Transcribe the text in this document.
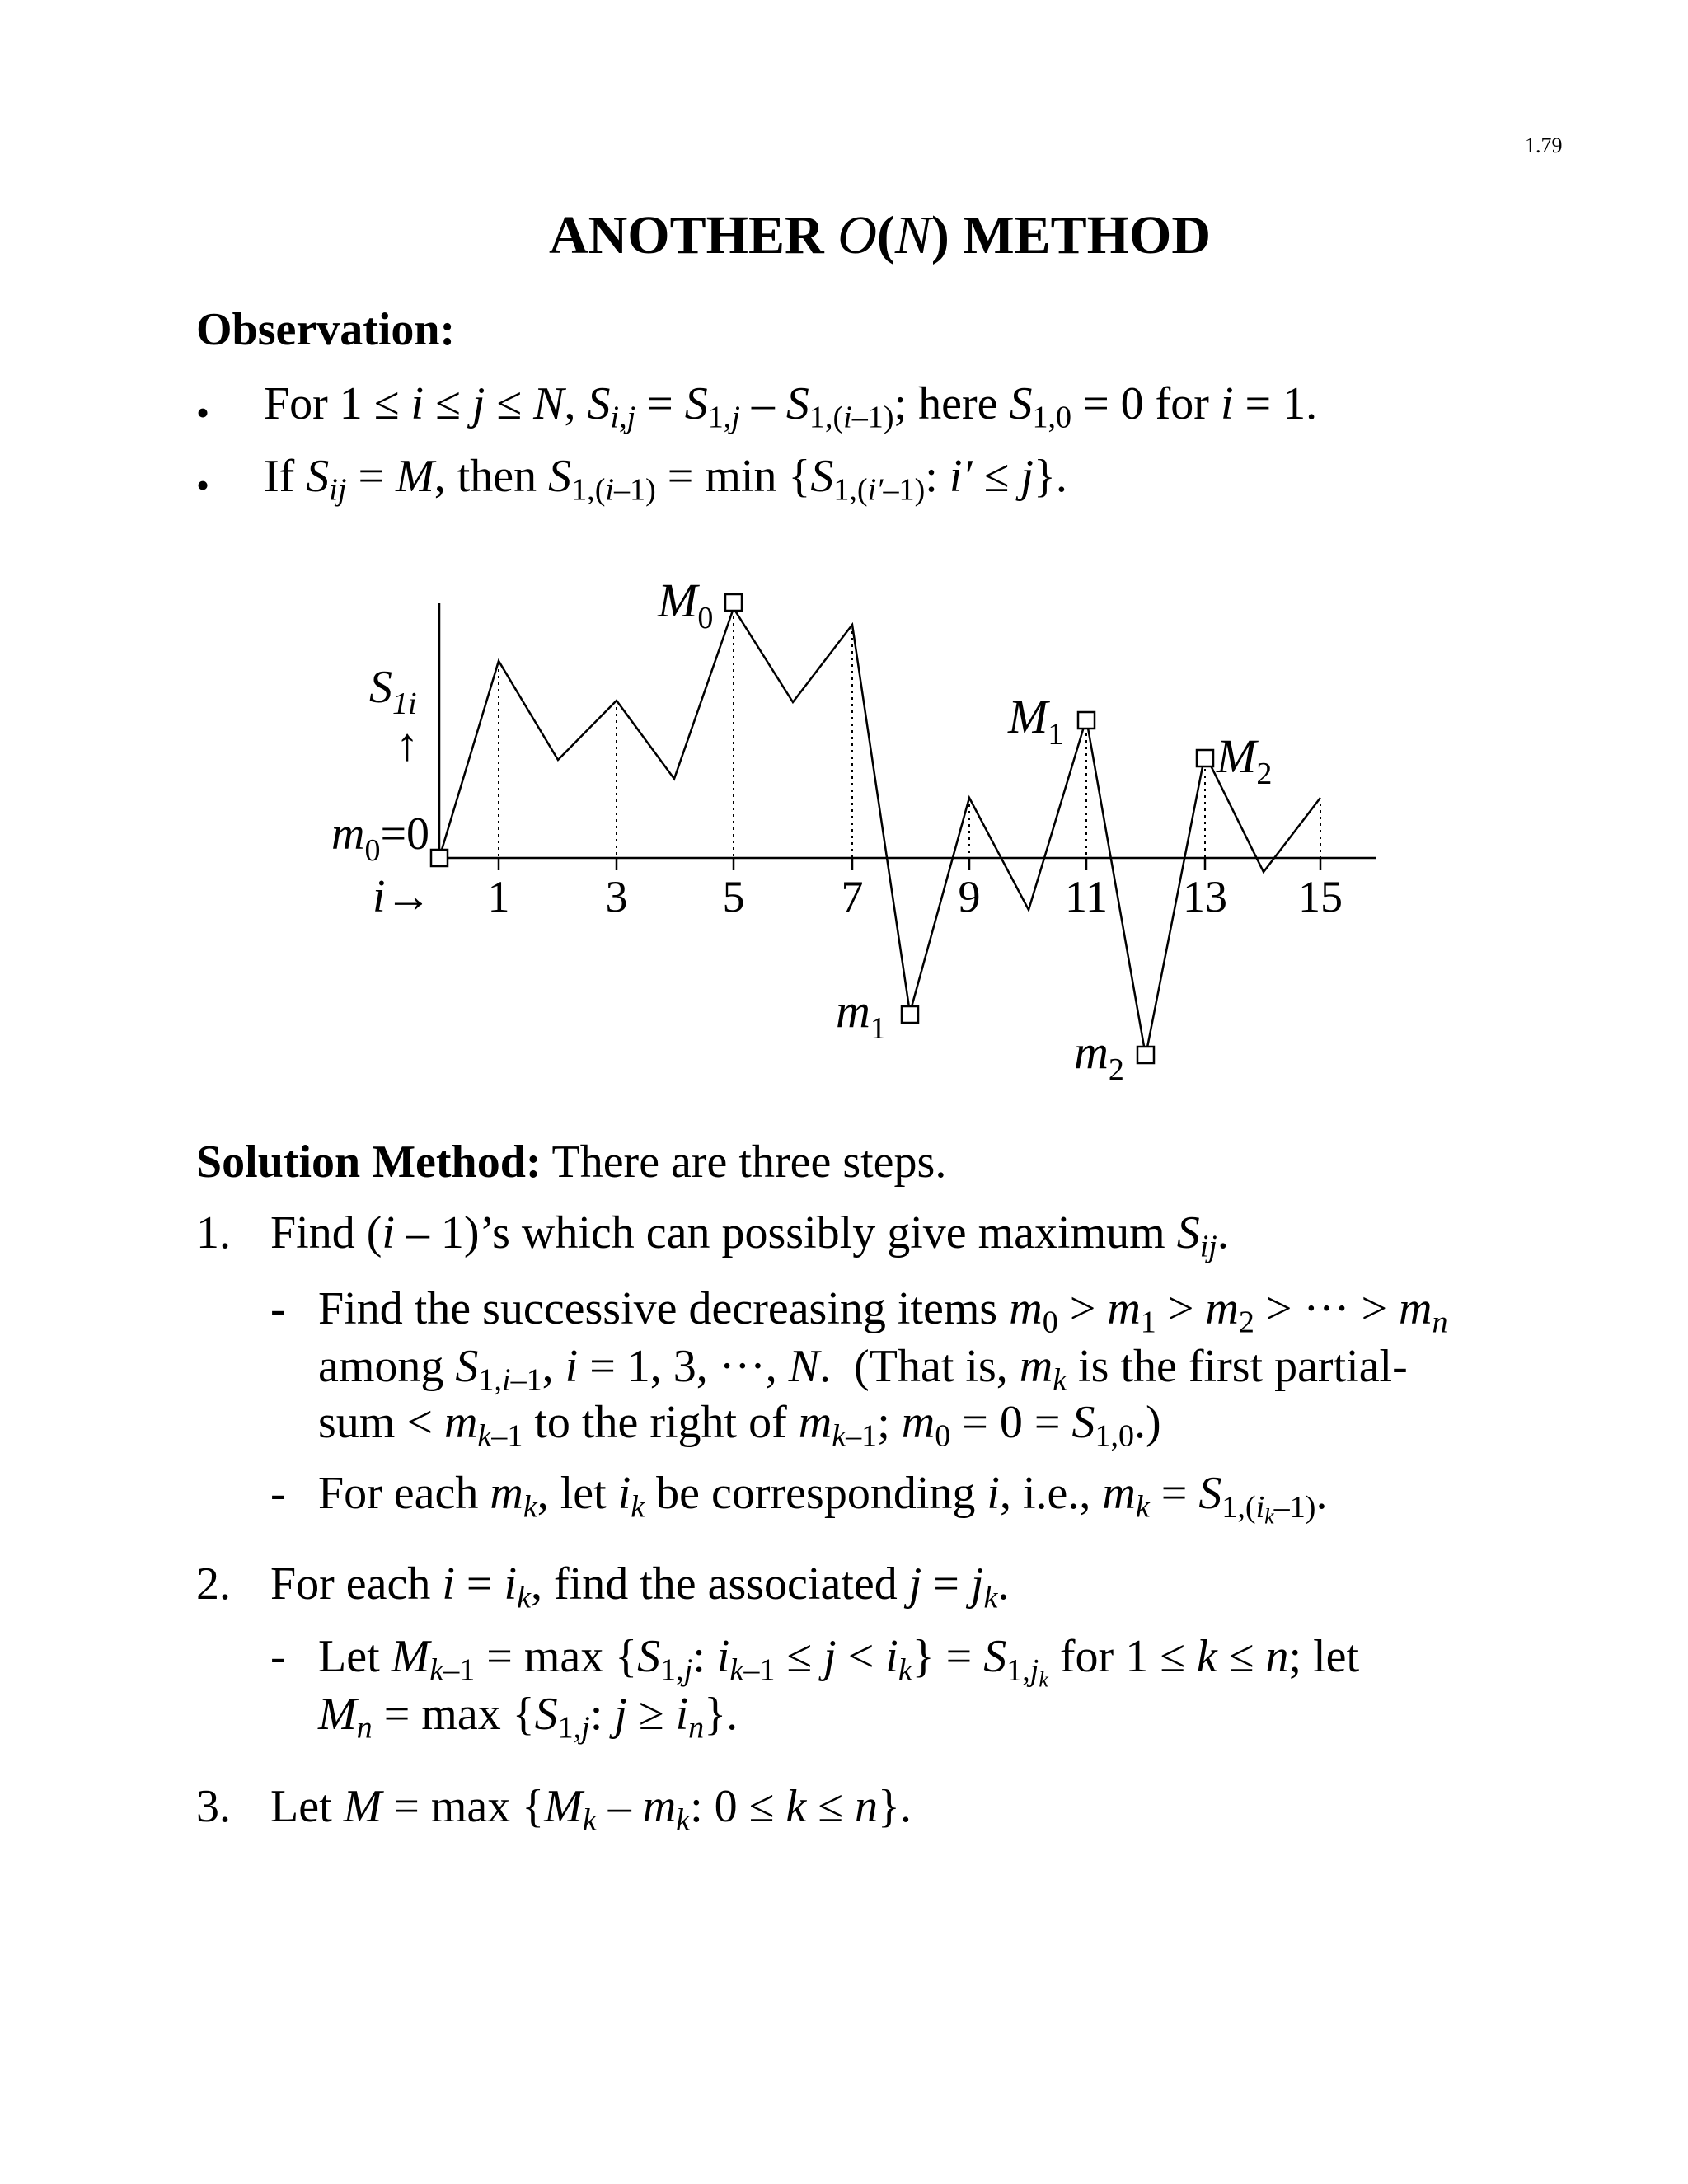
1.79
ANOTHER O(N) METHOD
Observation:
• For 1 ≤ i ≤ j ≤ N, $S_{i,j} = S_{1,j} - S_{1,(i-1)}$; here $S_{1,0} = 0$ for i = 1.
• If $S_{ij} = M$, then $S_{1,(i-1)} = \min \{S_{1,(i'-1)}$: i′ ≤ j}.
$S_{1i}$
↑
$m_0=0$
i→ 1 3 5 7 9 11 13 15
$M_0$
$M_1$	$M_2$
$m_1$	$m_2$
Solution Method: There are three steps.
1. Find (i – 1)’s which can possibly give maximum $S_{ij}$.
- Find the successive decreasing items $m_0 > m_1 > m_2$ > ··· > $m_n$
among $S_{1,i-1}$, i = 1, 3, ···, N.  (That is, $m_k$ is the first partial-
sum < $m_{k-1}$ to the right of $m_{k-1}$; $m_0 = 0 = S_{1,0}$.)
- For each $m_k$, let $i_k$ be corresponding i, i.e., $m_k = S_{1,(i_k-1)}$.
2. For each $i = i_k$, find the associated $j = j_k$.
- Let $M_{k-1} = \max \{S_{1,j}$: $i_{k-1} \le j < i_k\} = S_{1,j_k}$ for 1 ≤ k ≤ n; let
$M_n = \max \{S_{1,j}$: $j \ge i_n$}.
3. Let $M = \max \{M_k - m_k$: 0 ≤ k ≤ n}.
